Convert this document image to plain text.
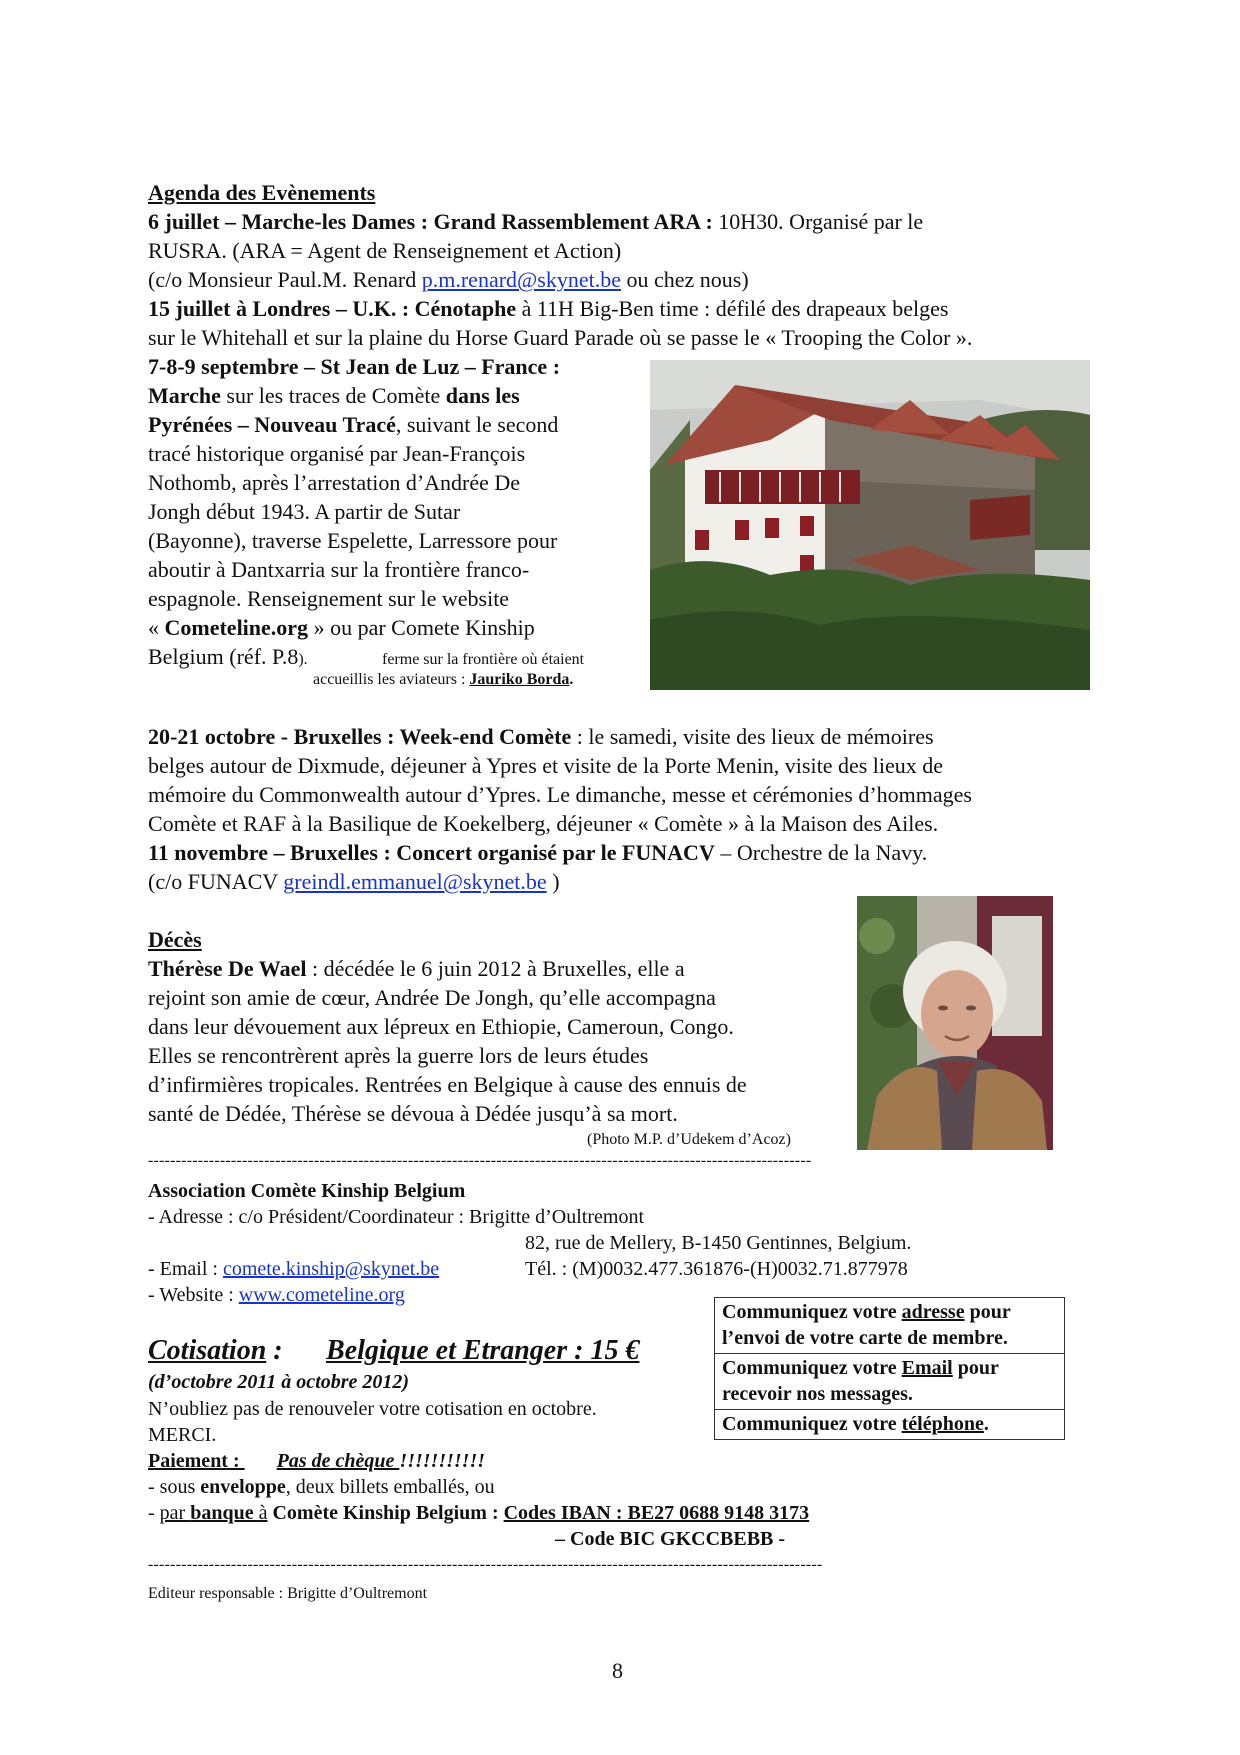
Agenda des Evènements
6 juillet – Marche-les Dames : Grand Rassemblement ARA : 10H30. Organisé par le
RUSRA. (ARA = Agent de Renseignement et Action)
(c/o Monsieur Paul.M. Renard p.m.renard@skynet.be ou chez nous)
15 juillet à Londres – U.K. : Cénotaphe à 11H Big-Ben time : défilé des drapeaux belges
sur le Whitehall et sur la plaine du Horse Guard Parade où se passe le « Trooping the Color ».
7-8-9 septembre – St Jean de Luz – France :
Marche sur les traces de Comète dans les
Pyrénées – Nouveau Tracé, suivant le second
tracé historique organisé par Jean-François
Nothomb, après l’arrestation d’Andrée De
Jongh début 1943. A partir de Sutar
(Bayonne), traverse Espelette, Larressore pour
aboutir à Dantxarria sur la frontière franco-
espagnole. Renseignement sur le website
« Cometeline.org » ou par Comete Kinship
Belgium (réf. P.8).	ferme sur la frontière où étaient
accueillis les aviateurs : Jauriko Borda.
20-21 octobre - Bruxelles : Week-end Comète : le samedi, visite des lieux de mémoires
belges autour de Dixmude, déjeuner à Ypres et visite de la Porte Menin, visite des lieux de
mémoire du Commonwealth autour d’Ypres. Le dimanche, messe et cérémonies d’hommages
Comète et RAF à la Basilique de Koekelberg, déjeuner « Comète » à la Maison des Ailes.
11 novembre – Bruxelles : Concert organisé par le FUNACV – Orchestre de la Navy.
(c/o FUNACV greindl.emmanuel@skynet.be )
Décès
Thérèse De Wael : décédée le 6 juin 2012 à Bruxelles, elle a
rejoint son amie de cœur, Andrée De Jongh, qu’elle accompagna
dans leur dévouement aux lépreux en Ethiopie, Cameroun, Congo.
Elles se rencontrèrent après la guerre lors de leurs études
d’infirmières tropicales. Rentrées en Belgique à cause des ennuis de
santé de Dédée, Thérèse se dévoua à Dédée jusqu’à sa mort.
(Photo M.P. d’Udekem d’Acoz)
------------------------------------------------------------------------------------------------------------------------
Association Comète Kinship Belgium
- Adresse : c/o Président/Coordinateur : Brigitte d’Oultremont
82, rue de Mellery, B-1450 Gentinnes, Belgium.
- Email : comete.kinship@skynet.be	Tél. : (M)0032.477.361876-(H)0032.71.877978
- Website : www.cometeline.org
Communiquez votre adresse pour
l’envoi de votre carte de membre.
Communiquez votre Email pour
recevoir nos messages.
Communiquez votre téléphone.
Cotisation : Belgique et Etranger : 15 €
(d’octobre 2011 à octobre 2012)
N’oubliez pas de renouveler votre cotisation en octobre.
MERCI.
Paiement : Pas de chèque !!!!!!!!!!!
- sous enveloppe, deux billets emballés, ou
- par banque à Comète Kinship Belgium : Codes IBAN : BE27 0688 9148 3173
– Code BIC GKCCBEBB -
--------------------------------------------------------------------------------------------------------------------------
Editeur responsable : Brigitte d’Oultremont
8
